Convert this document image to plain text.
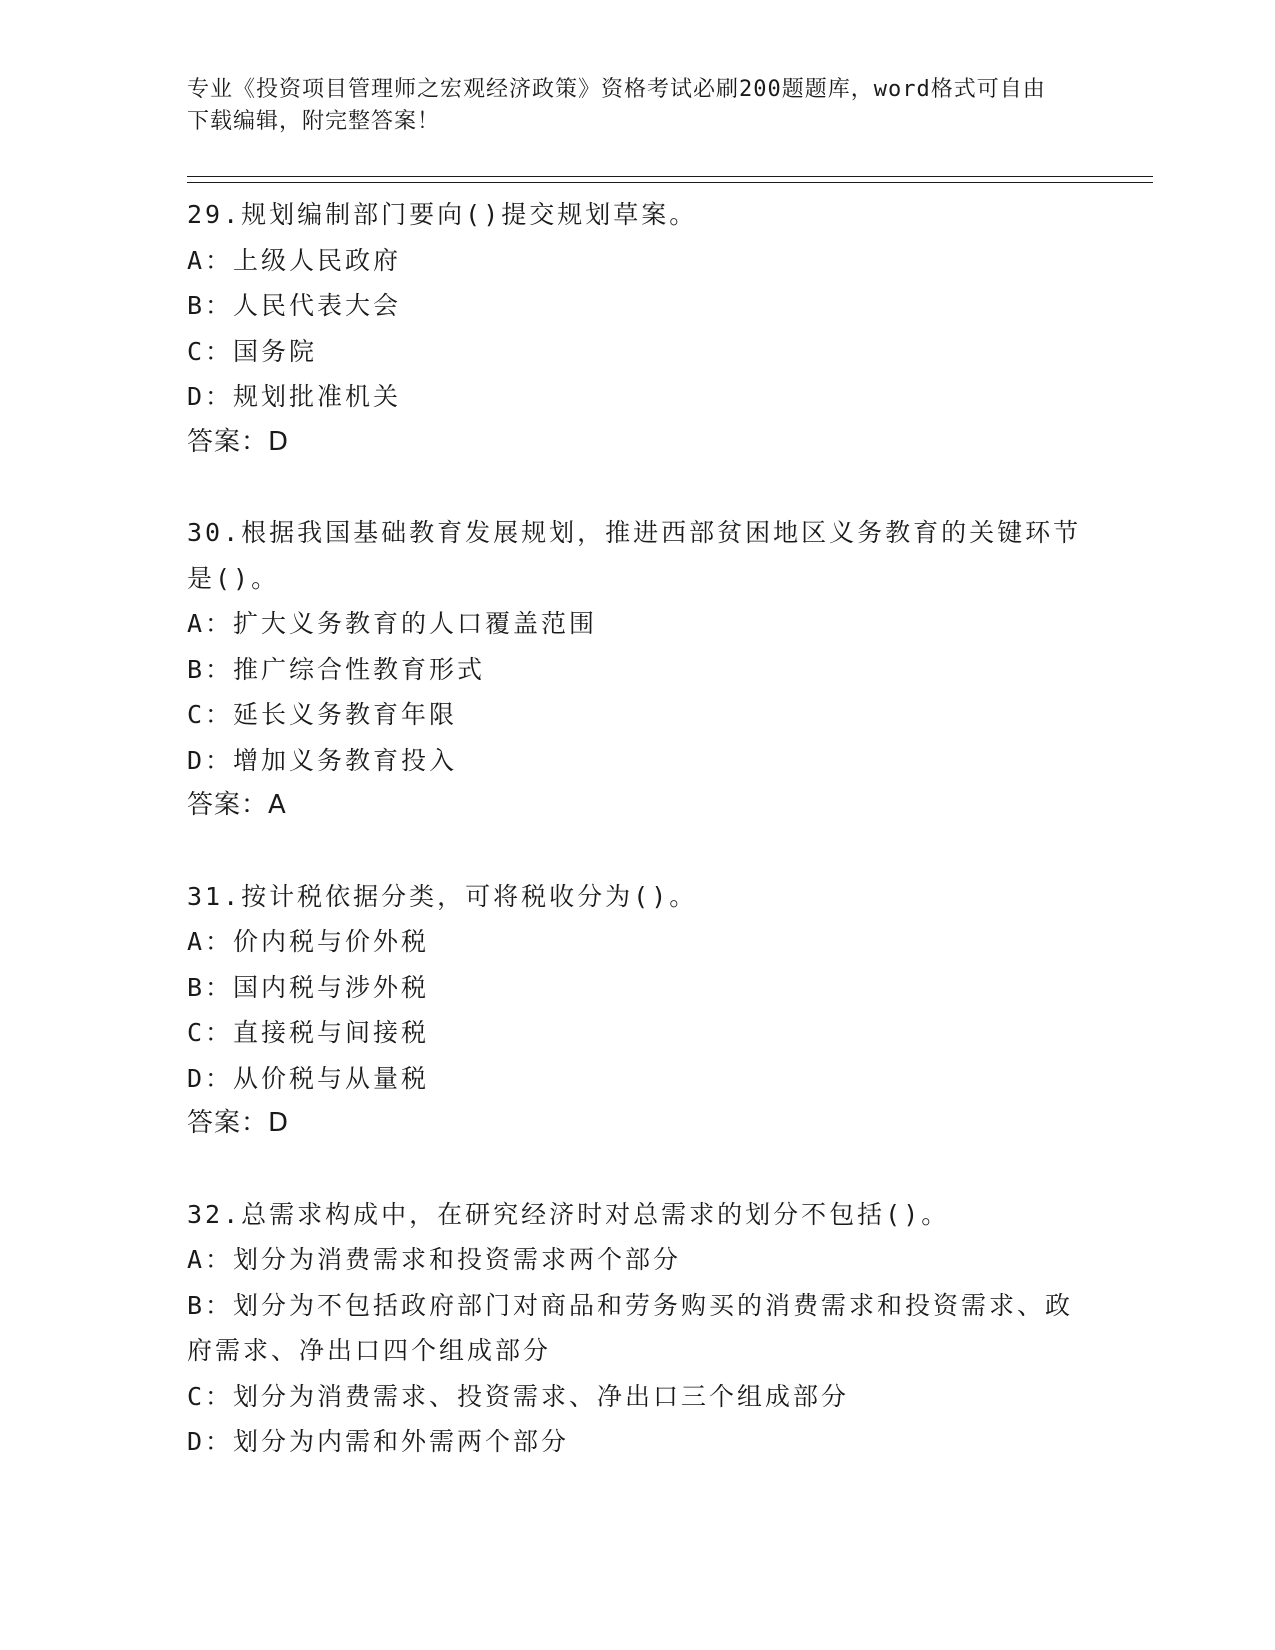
专业《投资项目管理师之宏观经济政策》资格考试必刷200题题库，word格式可自由下载编辑，附完整答案！
29.规划编制部门要向()提交规划草案。
A：上级人民政府
B：人民代表大会
C：国务院
D：规划批准机关
答案：D
30.根据我国基础教育发展规划，推进西部贫困地区义务教育的关键环节是()。
A：扩大义务教育的人口覆盖范围
B：推广综合性教育形式
C：延长义务教育年限
D：增加义务教育投入
答案：A
31.按计税依据分类，可将税收分为()。
A：价内税与价外税
B：国内税与涉外税
C：直接税与间接税
D：从价税与从量税
答案：D
32.总需求构成中，在研究经济时对总需求的划分不包括()。
A：划分为消费需求和投资需求两个部分
B：划分为不包括政府部门对商品和劳务购买的消费需求和投资需求、政府需求、净出口四个组成部分
C：划分为消费需求、投资需求、净出口三个组成部分
D：划分为内需和外需两个部分
